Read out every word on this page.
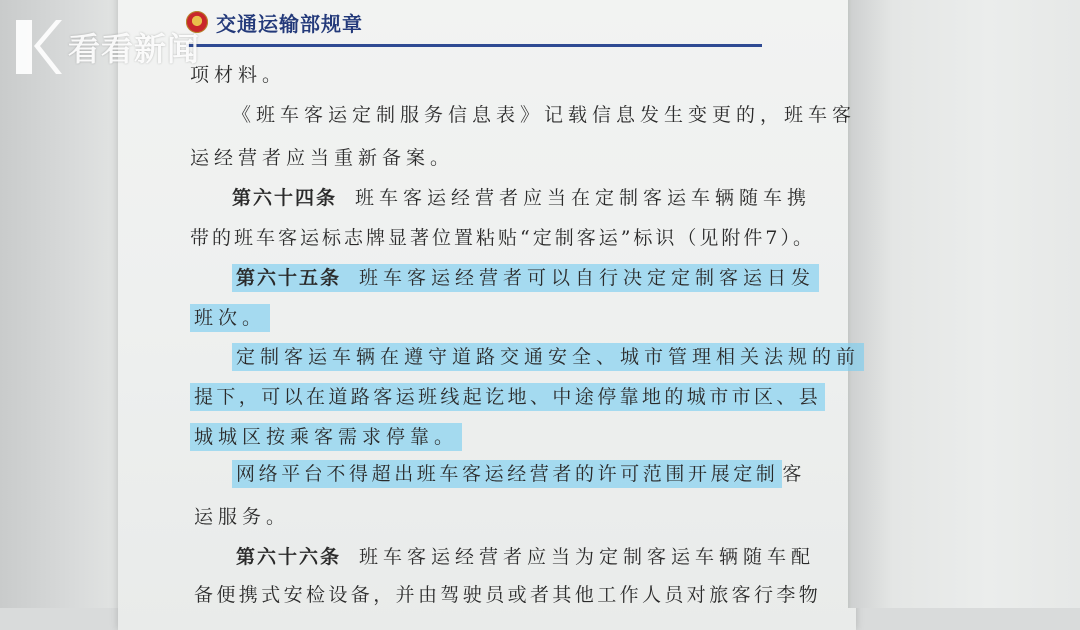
交通运输部规章
看看新闻
项材料。
《班车客运定制服务信息表》记载信息发生变更的，班车客
运经营者应当重新备案。
第六十四条 班车客运经营者应当在定制客运车辆随车携
带的班车客运标志牌显著位置粘贴“定制客运”标识（见附件7）。
第六十五条 班车客运经营者可以自行决定定制客运日发
班次。
定制客运车辆在遵守道路交通安全、城市管理相关法规的前
提下，可以在道路客运班线起讫地、中途停靠地的城市市区、县
城城区按乘客需求停靠。
网络平台不得超出班车客运经营者的许可范围开展定制 客
运服务。
第六十六条 班车客运经营者应当为定制客运车辆随车配
备便携式安检设备，并由驾驶员或者其他工作人员对旅客行李物
